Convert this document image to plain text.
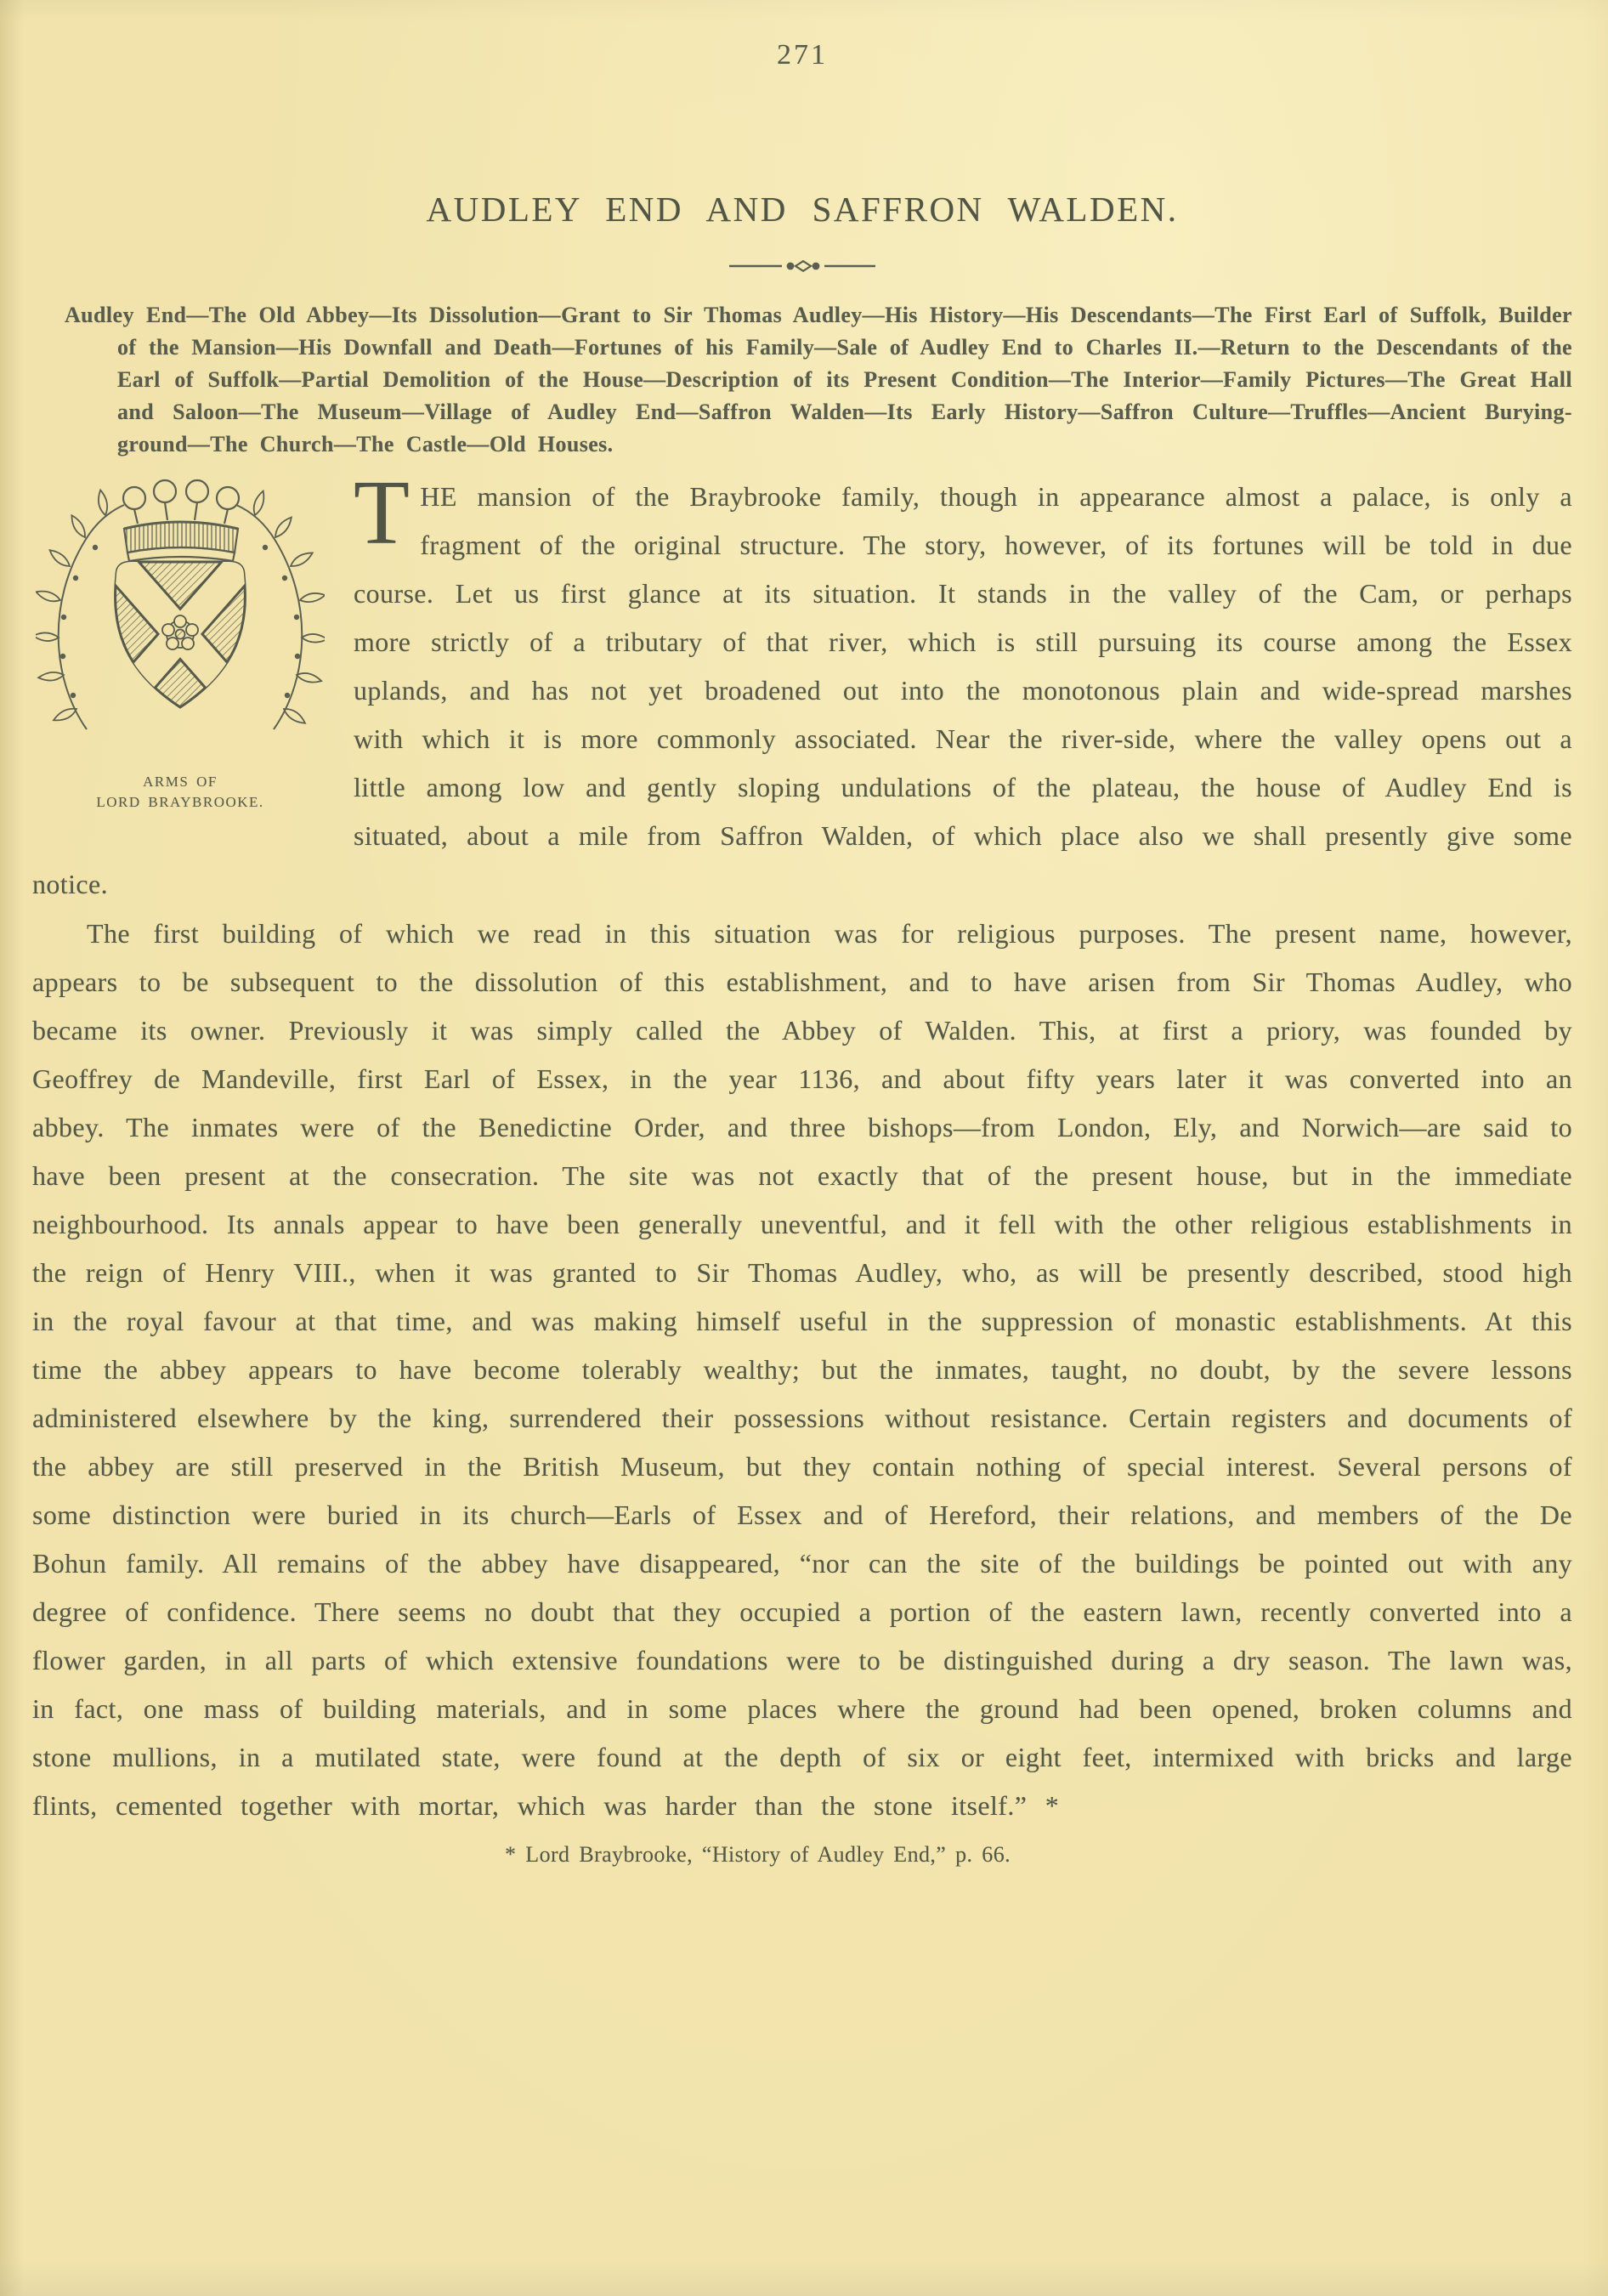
271
AUDLEY END AND SAFFRON WALDEN.
Audley End—The Old Abbey—Its Dissolution—Grant to Sir Thomas Audley—His History—His Descendants—The First Earl of Suffolk, Builder of the Mansion—His Downfall and Death—Fortunes of his Family—Sale of Audley End to Charles II.—Return to the Descendants of the Earl of Suffolk—Partial Demolition of the House—Description of its Present Condition—The Interior—Family Pictures—The Great Hall and Saloon—The Museum—Village of Audley End—Saffron Walden—Its Early History—Saffron Culture—Truffles—Ancient Burying-ground—The Church—The Castle—Old Houses.
ARMS OF
LORD BRAYBROOKE.

THE mansion of the Braybrooke family, though in appearance almost a palace, is only a fragment of the original structure. The story, however, of its fortunes will be told in due course. Let us first glance at its situation. It stands in the valley of the Cam, or perhaps more strictly of a tributary of that river, which is still pursuing its course among the Essex uplands, and has not yet broadened out into the monotonous plain and wide-spread marshes with which it is more commonly associated. Near the river-side, where the valley opens out a little among low and gently sloping undulations of the plateau, the house of Audley End is situated, about a mile from Saffron Walden, of which place also we shall presently give some notice.

The first building of which we read in this situation was for religious purposes. The present name, however, appears to be subsequent to the dissolution of this establishment, and to have arisen from Sir Thomas Audley, who became its owner. Previously it was simply called the Abbey of Walden. This, at first a priory, was founded by Geoffrey de Mandeville, first Earl of Essex, in the year 1136, and about fifty years later it was converted into an abbey. The inmates were of the Benedictine Order, and three bishops—from London, Ely, and Norwich—are said to have been present at the consecration. The site was not exactly that of the present house, but in the immediate neighbourhood. Its annals appear to have been generally uneventful, and it fell with the other religious establishments in the reign of Henry VIII., when it was granted to Sir Thomas Audley, who, as will be presently described, stood high in the royal favour at that time, and was making himself useful in the suppression of monastic establishments. At this time the abbey appears to have become tolerably wealthy; but the inmates, taught, no doubt, by the severe lessons administered elsewhere by the king, surrendered their possessions without resistance. Certain registers and documents of the abbey are still preserved in the British Museum, but they contain nothing of special interest. Several persons of some distinction were buried in its church—Earls of Essex and of Hereford, their relations, and members of the De Bohun family. All remains of the abbey have disappeared, “nor can the site of the buildings be pointed out with any degree of confidence. There seems no doubt that they occupied a portion of the eastern lawn, recently converted into a flower garden, in all parts of which extensive foundations were to be distinguished during a dry season. The lawn was, in fact, one mass of building materials, and in some places where the ground had been opened, broken columns and stone mullions, in a mutilated state, were found at the depth of six or eight feet, intermixed with bricks and large flints, cemented together with mortar, which was harder than the stone itself.” *

* Lord Braybrooke, “History of Audley End,” p. 66.
